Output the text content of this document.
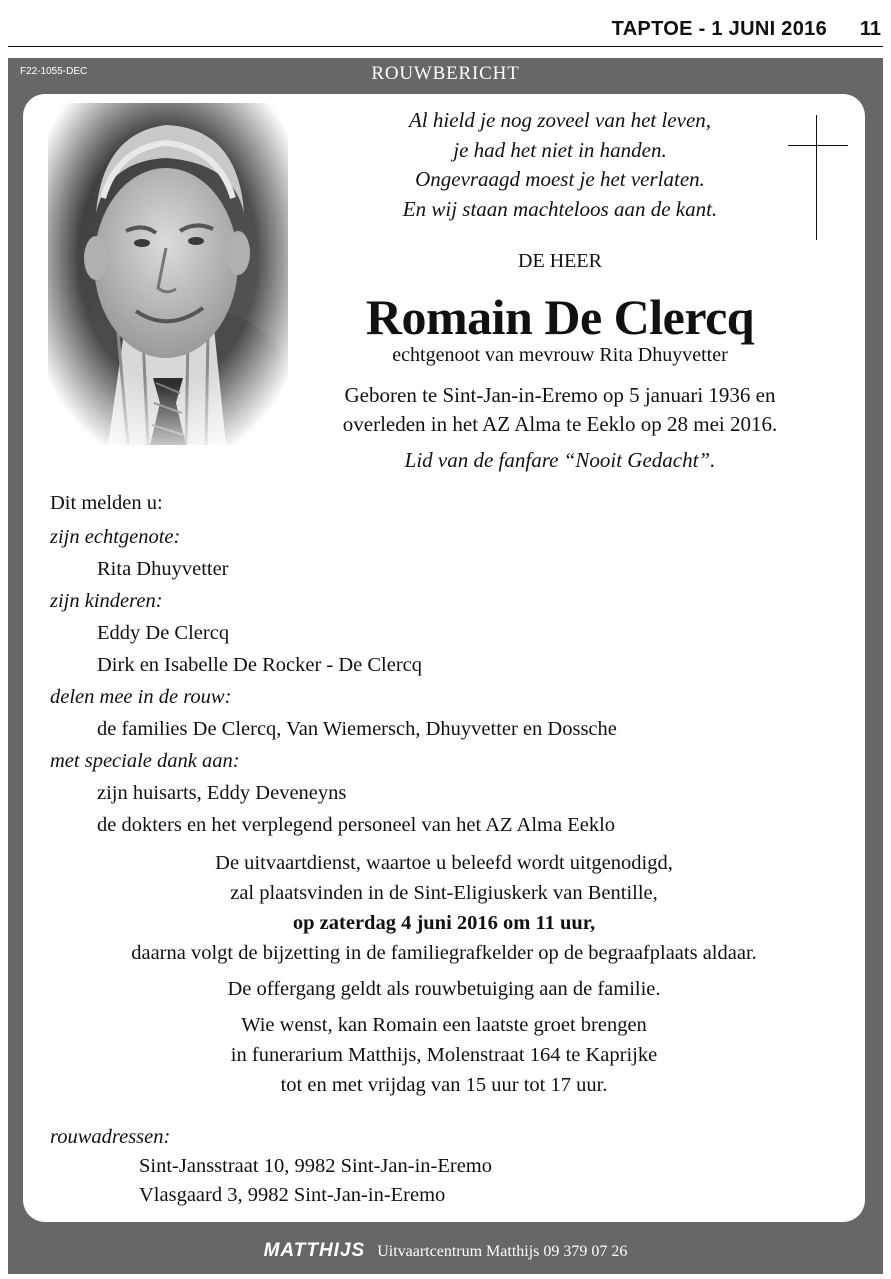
TAPTOE - 1 JUNI 2016 11
F22-1055-DEC	ROUWBERICHT
Al hield je nog zoveel van het leven,
je had het niet in handen.
Ongevraagd moest je het verlaten.
En wij staan machteloos aan de kant.
DE HEER
Romain De Clercq
echtgenoot van mevrouw Rita Dhuyvetter
Geboren te Sint-Jan-in-Eremo op 5 januari 1936 en
overleden in het AZ Alma te Eeklo op 28 mei 2016.
Lid van de fanfare “Nooit Gedacht”.
Dit melden u:
zijn echtgenote:
Rita Dhuyvetter
zijn kinderen:
Eddy De Clercq
Dirk en Isabelle De Rocker - De Clercq
delen mee in de rouw:
de families De Clercq, Van Wiemersch, Dhuyvetter en Dossche
met speciale dank aan:
zijn huisarts, Eddy Deveneyns
de dokters en het verplegend personeel van het AZ Alma Eeklo
De uitvaartdienst, waartoe u beleefd wordt uitgenodigd,
zal plaatsvinden in de Sint-Eligiuskerk van Bentille,
op zaterdag 4 juni 2016 om 11 uur,
daarna volgt de bijzetting in de familiegrafkelder op de begraafplaats aldaar.
De offergang geldt als rouwbetuiging aan de familie.
Wie wenst, kan Romain een laatste groet brengen
in funerarium Matthijs, Molenstraat 164 te Kaprijke
tot en met vrijdag van 15 uur tot 17 uur.
rouwadressen:
Sint-Jansstraat 10, 9982 Sint-Jan-in-Eremo
Vlasgaard 3, 9982 Sint-Jan-in-Eremo
MATTHIJS Uitvaartcentrum Matthijs 09 379 07 26
